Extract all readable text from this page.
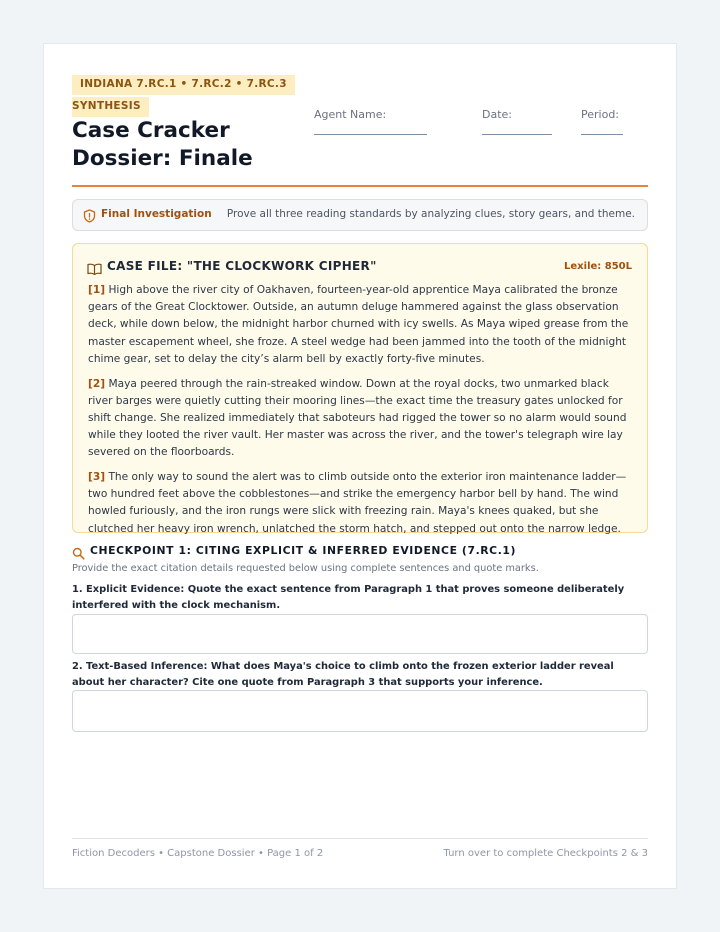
INDIANA 7.RC.1 • 7.RC.2 • 7.RC.3
SYNTHESIS
Case Cracker Dossier: Finale
Agent Name:	Date:	Period:
Final Investigation Prove all three reading standards by analyzing clues, story gears, and theme.
CASE FILE: "THE CLOCKWORK CIPHER"	Lexile: 850L

[1] High above the river city of Oakhaven, fourteen-year-old apprentice Maya calibrated the bronze gears of the Great Clocktower. Outside, an autumn deluge hammered against the glass observation deck, while down below, the midnight harbor churned with icy swells. As Maya wiped grease from the master escapement wheel, she froze. A steel wedge had been jammed into the tooth of the midnight chime gear, set to delay the city’s alarm bell by exactly forty-five minutes.

[2] Maya peered through the rain-streaked window. Down at the royal docks, two unmarked black river barges were quietly cutting their mooring lines—the exact time the treasury gates unlocked for shift change. She realized immediately that saboteurs had rigged the tower so no alarm would sound while they looted the river vault. Her master was across the river, and the tower's telegraph wire lay severed on the floorboards.

[3] The only way to sound the alert was to climb outside onto the exterior iron maintenance ladder—two hundred feet above the cobblestones—and strike the emergency harbor bell by hand. The wind howled furiously, and the iron rungs were slick with freezing rain. Maya's knees quaked, but she clutched her heavy iron wrench, unlatched the storm hatch, and stepped out onto the narrow ledge.

CHECKPOINT 1: CITING EXPLICIT & INFERRED EVIDENCE (7.RC.1)
Provide the exact citation details requested below using complete sentences and quote marks.
1. Explicit Evidence: Quote the exact sentence from Paragraph 1 that proves someone deliberately interfered with the clock mechanism.
2. Text-Based Inference: What does Maya's choice to climb onto the frozen exterior ladder reveal about her character? Cite one quote from Paragraph 3 that supports your inference.
Fiction Decoders • Capstone Dossier • Page 1 of 2	Turn over to complete Checkpoints 2 & 3
